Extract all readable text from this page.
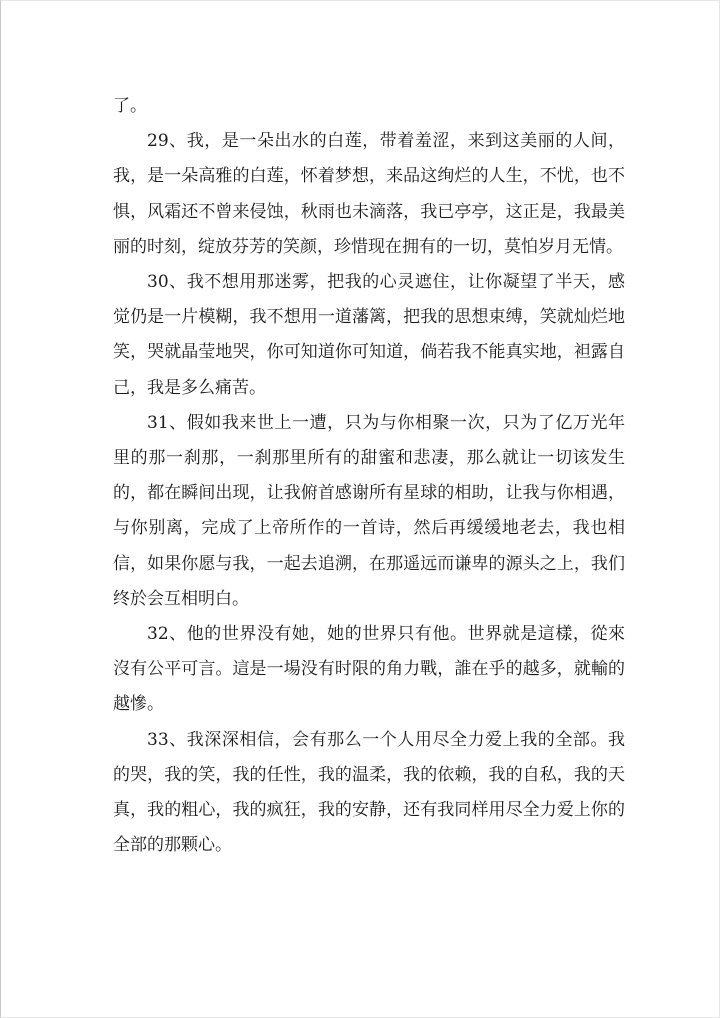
了。

29、我，是一朵出水的白莲，带着羞涩，来到这美丽的人间，我，是一朵高雅的白莲，怀着梦想，来品这绚烂的人生，不忧，也不惧，风霜还不曾来侵蚀，秋雨也未滴落，我已亭亭，这正是，我最美丽的时刻，绽放芬芳的笑颜，珍惜现在拥有的一切，莫怕岁月无情。

30、我不想用那迷雾，把我的心灵遮住，让你凝望了半天，感觉仍是一片模糊，我不想用一道藩篱，把我的思想束缚，笑就灿烂地笑，哭就晶莹地哭，你可知道你可知道，倘若我不能真实地，袒露自己，我是多么痛苦。

31、假如我来世上一遭，只为与你相聚一次，只为了亿万光年里的那一刹那，一刹那里所有的甜蜜和悲凄，那么就让一切该发生的，都在瞬间出现，让我俯首感谢所有星球的相助，让我与你相遇，与你别离，完成了上帝所作的一首诗，然后再缓缓地老去，我也相信，如果你愿与我，一起去追溯，在那遥远而谦卑的源头之上，我们终於会互相明白。

32、他的世界没有她，她的世界只有他。世界就是這樣，從來沒有公平可言。這是一場没有时限的角力戰，誰在乎的越多，就輸的越慘。

33、我深深相信，会有那么一个人用尽全力爱上我的全部。我的哭，我的笑，我的任性，我的温柔，我的依赖，我的自私，我的天真，我的粗心，我的疯狂，我的安静，还有我同样用尽全力爱上你的全部的那颗心。
